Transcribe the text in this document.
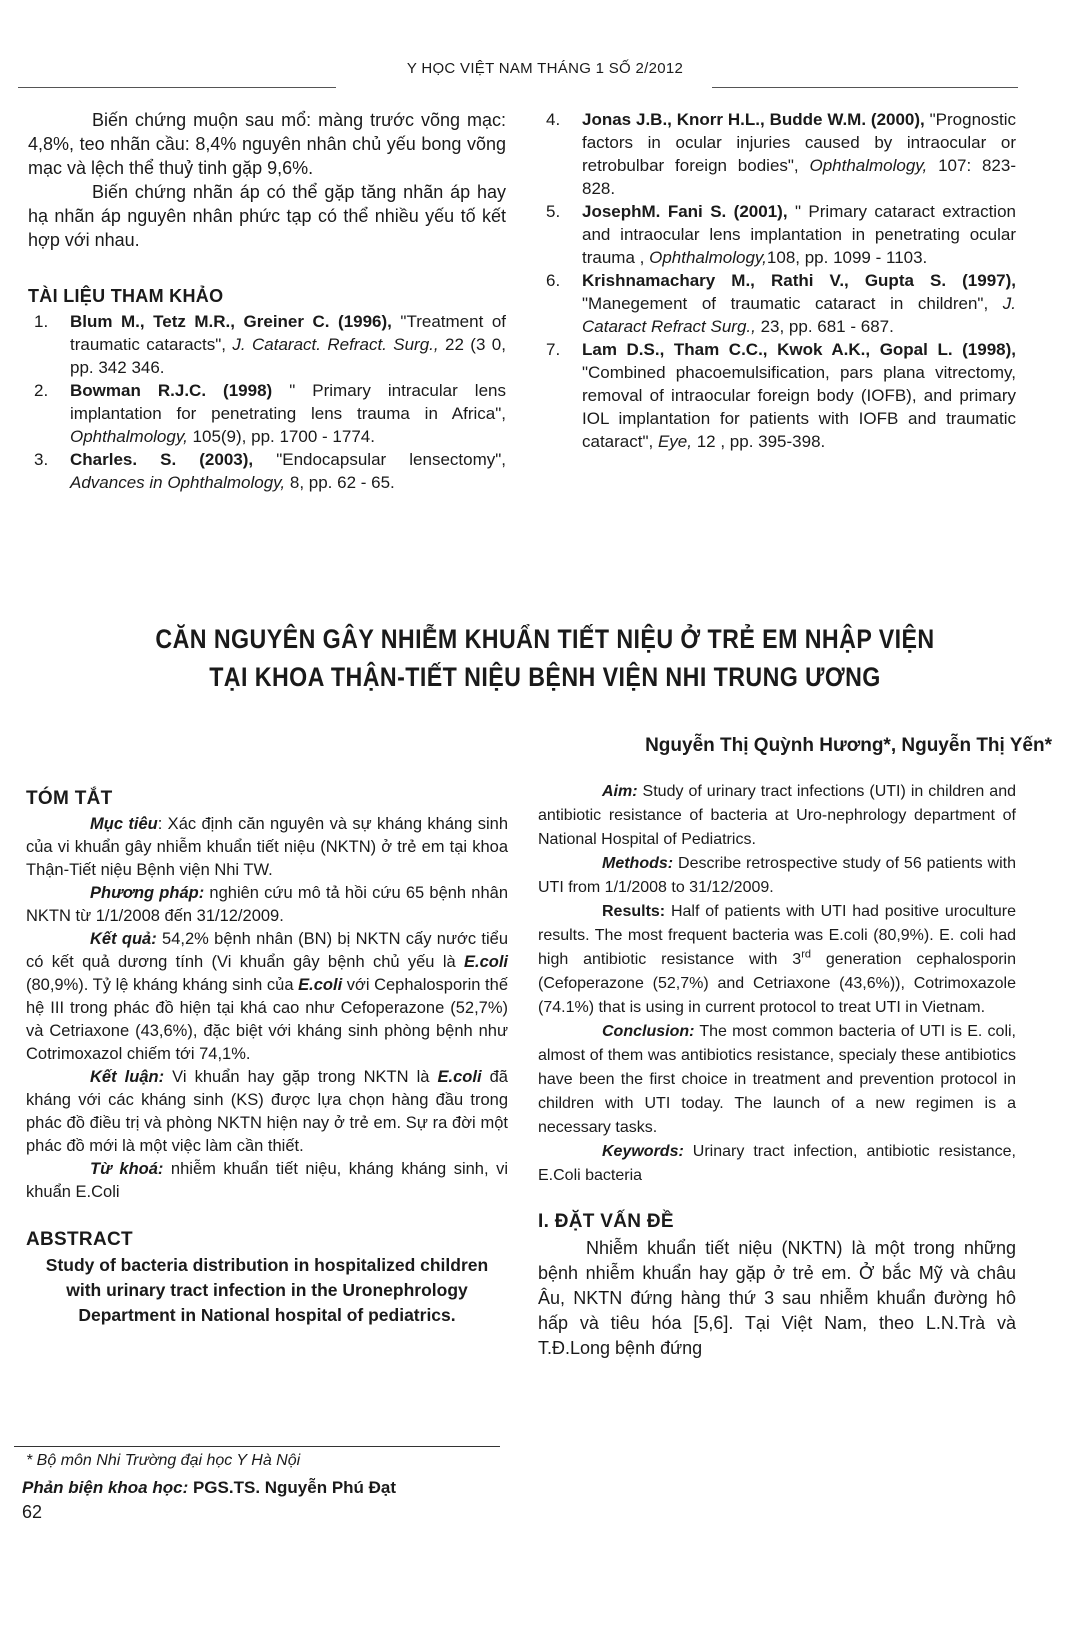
Y HỌC VIỆT NAM THÁNG 1 SỐ 2/2012

Biến chứng muộn sau mổ: màng trước võng mạc: 4,8%, teo nhãn cầu: 8,4% nguyên nhân chủ yếu bong võng mạc và lệch thể thuỷ tinh gặp 9,6%.

Biến chứng nhãn áp có thể gặp tăng nhãn áp hay hạ nhãn áp nguyên nhân phức tạp có thể nhiều yếu tố kết hợp với nhau.

TÀI LIỆU THAM KHẢO

1.	Blum M., Tetz M.R., Greiner C. (1996), "Treatment of traumatic cataracts", J. Cataract. Refract. Surg., 22 (3 0, pp. 342 346.
2.	Bowman R.J.C. (1998) " Primary intracular lens implantation for penetrating lens trauma in Africa", Ophthalmology, 105(9), pp. 1700 - 1774.
3.	Charles. S. (2003), "Endocapsular lensectomy", Advances in Ophthalmology, 8, pp. 62 - 65.
4.	Jonas J.B., Knorr H.L., Budde W.M. (2000), "Prognostic factors in ocular injuries caused by intraocular or retrobulbar foreign bodies", Ophthalmology, 107: 823-828.
5.	JosephM. Fani S. (2001), " Primary cataract extraction and intraocular lens implantation in penetrating ocular trauma , Ophthalmology,108, pp. 1099 - 1103.
6.	Krishnamachary M., Rathi V., Gupta S. (1997), "Manegement of traumatic cataract in children", J. Cataract Refract Surg., 23, pp. 681 - 687.
7.	Lam D.S., Tham C.C., Kwok A.K., Gopal L. (1998), "Combined phacoemulsification, pars plana vitrectomy, removal of intraocular foreign body (IOFB), and primary IOL implantation for patients with IOFB and traumatic cataract", Eye, 12 , pp. 395-398.
CĂN NGUYÊN GÂY NHIỄM KHUẨN TIẾT NIỆU Ở TRẺ EM NHẬP VIỆN
TẠI KHOA THẬN-TIẾT NIỆU BỆNH VIỆN NHI TRUNG ƯƠNG
Nguyễn Thị Quỳnh Hương*, Nguyễn Thị Yến*

TÓM TẮT

Mục tiêu: Xác định căn nguyên và sự kháng kháng sinh của vi khuẩn gây nhiễm khuẩn tiết niệu (NKTN) ở trẻ em tại khoa Thận-Tiết niệu Bệnh viện Nhi TW.

Phương pháp: nghiên cứu mô tả hồi cứu 65 bệnh nhân NKTN từ 1/1/2008 đến 31/12/2009.

Kết quả: 54,2% bệnh nhân (BN) bị NKTN cấy nước tiểu có kết quả dương tính (Vi khuẩn gây bệnh chủ yếu là E.coli (80,9%). Tỷ lệ kháng kháng sinh của E.coli với Cephalosporin thế hệ III trong phác đồ hiện tại khá cao như Cefoperazone (52,7%) và Cetriaxone (43,6%), đặc biệt với kháng sinh phòng bệnh như Cotrimoxazol chiếm tới 74,1%.

Kết luận: Vi khuẩn hay gặp trong NKTN là E.coli đã kháng với các kháng sinh (KS) được lựa chọn hàng đầu trong phác đồ điều trị và phòng NKTN hiện nay ở trẻ em. Sự ra đời một phác đồ mới là một việc làm cần thiết.

Từ khoá: nhiễm khuẩn tiết niệu, kháng kháng sinh, vi khuẩn E.Coli

ABSTRACT

Study of bacteria distribution in hospitalized children with urinary tract infection in the Uronephrology Department in National hospital of pediatrics.

Aim: Study of urinary tract infections (UTI) in children and antibiotic resistance of bacteria at Uro-nephrology department of National Hospital of Pediatrics.

Methods: Describe retrospective study of 56 patients with UTI from 1/1/2008 to 31/12/2009.

Results: Half of patients with UTI had positive uroculture results. The most frequent bacteria was E.coli (80,9%). E. coli had high antibiotic resistance with 3rd generation cephalosporin (Cefoperazone (52,7%) and Cetriaxone (43,6%)), Cotrimoxazole (74.1%) that is using in current protocol to treat UTI in Vietnam.

Conclusion: The most common bacteria of UTI is E. coli, almost of them was antibiotics resistance, specialy these antibiotics have been the first choice in treatment and prevention protocol in children with UTI today. The launch of a new regimen is a necessary tasks.

Keywords: Urinary tract infection, antibiotic resistance, E.Coli bacteria

I. ĐẶT VẤN ĐỀ

Nhiễm khuẩn tiết niệu (NKTN) là một trong những bệnh nhiễm khuẩn hay gặp ở trẻ em. Ở bắc Mỹ và châu Âu, NKTN đứng hàng thứ 3 sau nhiễm khuẩn đường hô hấp và tiêu hóa [5,6]. Tại Việt Nam, theo L.N.Trà và T.Đ.Long bệnh đứng

* Bộ môn Nhi Trường đại học Y Hà Nội
Phản biện khoa học: PGS.TS. Nguyễn Phú Đạt
62
